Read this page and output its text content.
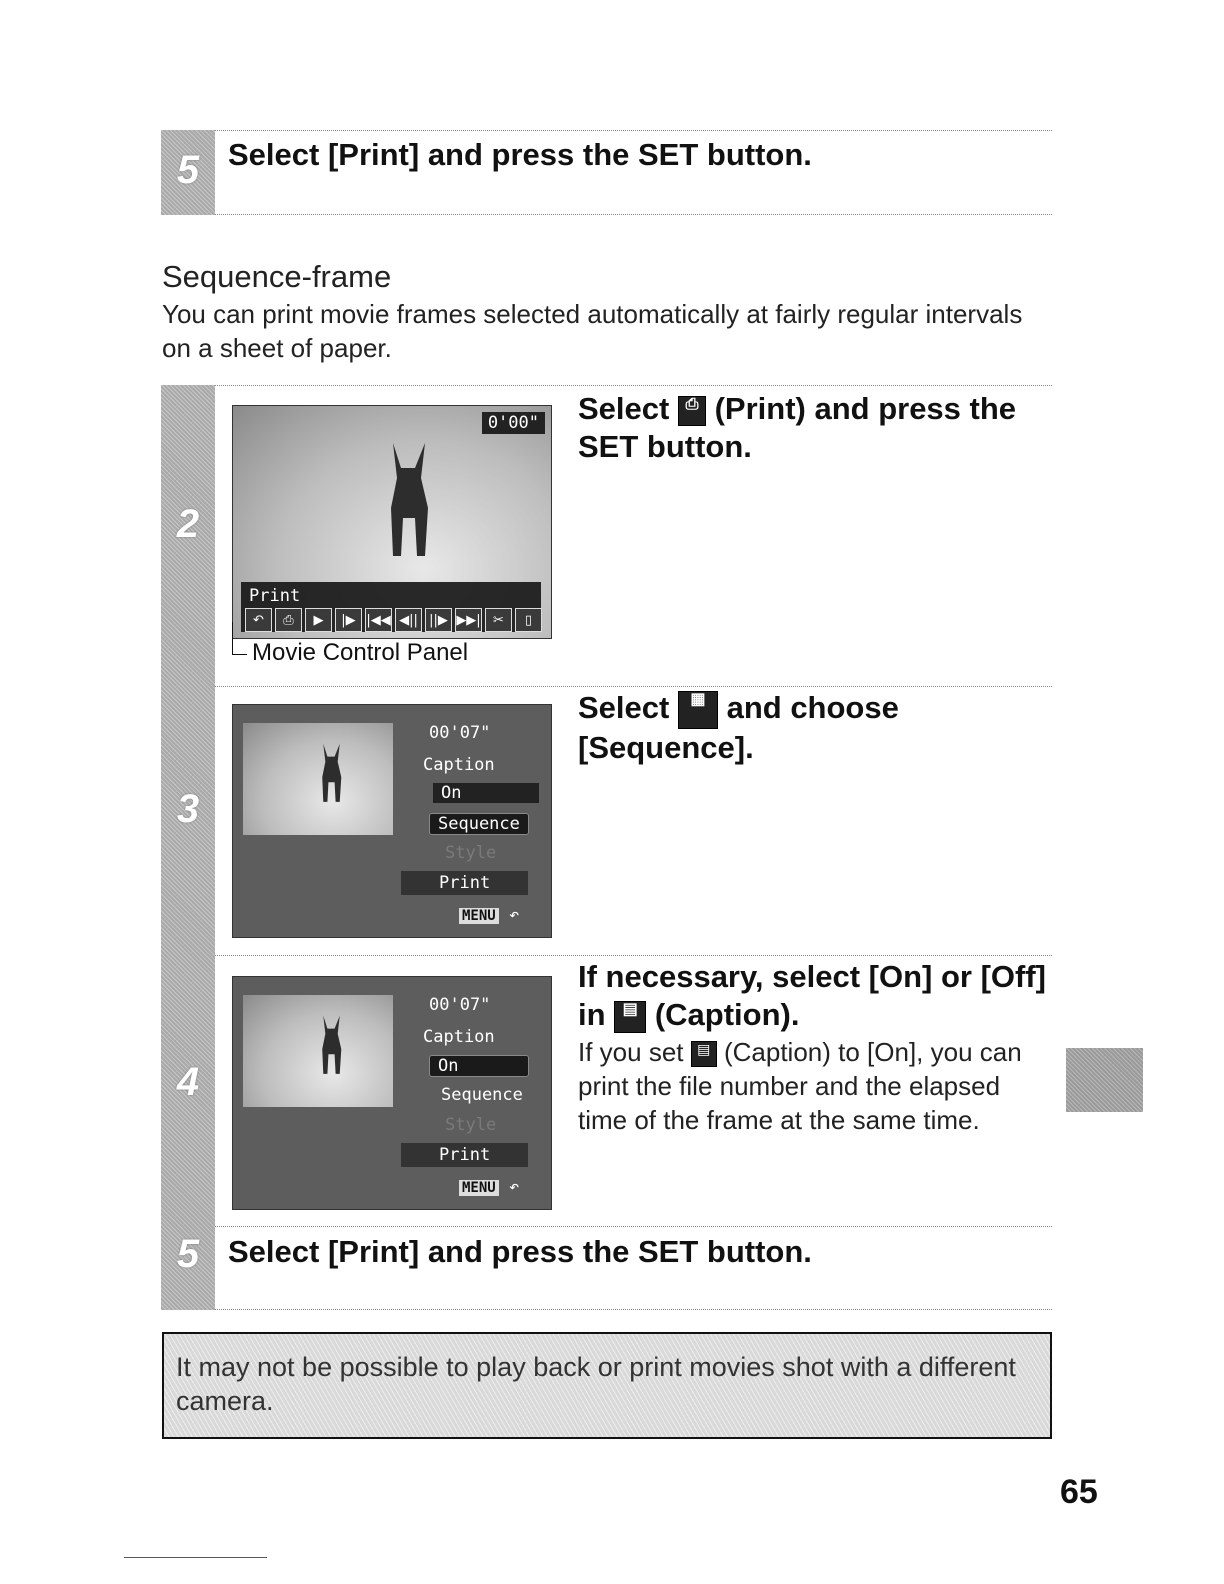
5 Select [Print] and press the SET button.
Sequence-frame
You can print movie frames selected automatically at fairly regular intervals on a sheet of paper.
2
3
4
5
0'00"
Print
↶	⎙	▶	|▶ |◀◀ ◀|| ||▶ ▶▶| ✂	▯
Movie Control Panel
Select ⎙ (Print) and press the SET button.
00'07"
Caption
On
Sequence
Style
Print
MENU ↶
Select ▦ and choose [Sequence].
00'07"
Caption
On
Sequence
Style
Print
MENU ↶
If necessary, select [On] or [Off] in ▤ (Caption).
If you set ▤ (Caption) to [On], you can print the file number and the elapsed time of the frame at the same time.
Select [Print] and press the SET button.
It may not be possible to play back or print movies shot with a different camera.
65
